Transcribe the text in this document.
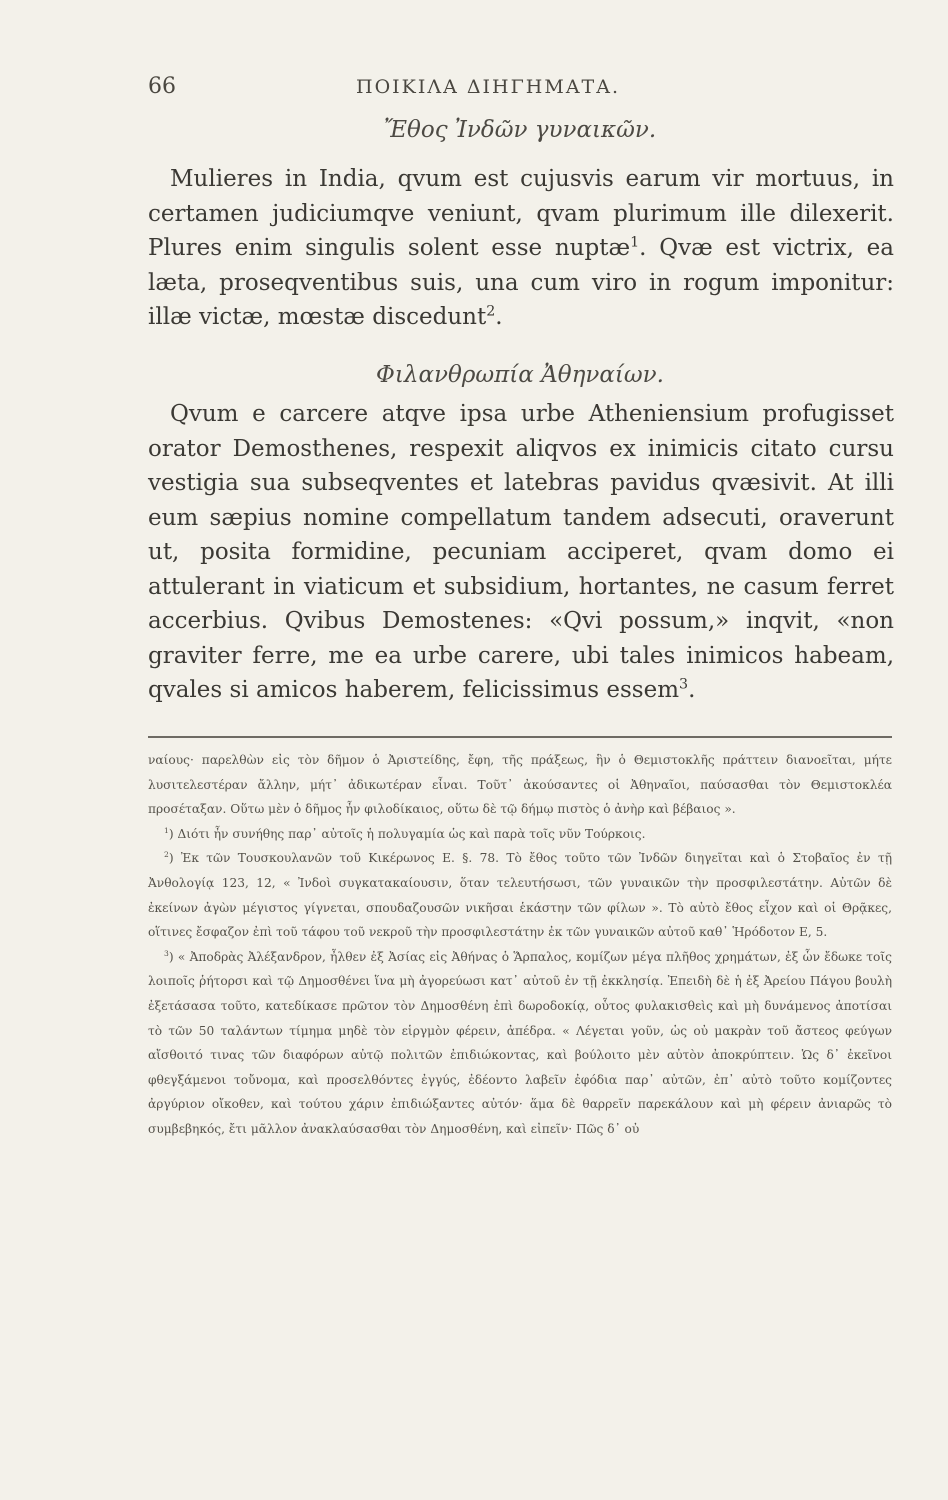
66	ΠΟΙΚΙΛΑ ΔΙΗΓΗΜΑΤΑ.
Ἔθος Ἰνδῶν γυναικῶν.
Mulieres in India, qvum est cujusvis earum vir mortuus, in certamen judiciumqve veniunt, qvam plurimum ille dilexerit. Plures enim singulis solent esse nuptæ$^1$. Qvæ est victrix, ea læta, proseqventibus suis, una cum viro in rogum imponitur: illæ victæ, mœstæ discedunt$^2$.
Φιλανθρωπία Ἀθηναίων.
Qvum e carcere atqve ipsa urbe Atheniensium profugisset orator Demosthenes, respexit aliqvos ex inimicis citato cursu vestigia sua subseqventes et latebras pavidus qvæsivit. At illi eum sæpius nomine compellatum tandem adsecuti, oraverunt ut, posita formidine, pecuniam acciperet, qvam domo ei attulerant in viaticum et subsidium, hortantes, ne casum ferret accerbius. Qvibus Demostenes: «Qvi possum,» inqvit, «non graviter ferre, me ea urbe carere, ubi tales inimicos habeam, qvales si amicos haberem, felicissimus essem$^3$.

ναίους· παρελθὼν εἰς τὸν δῆμον ὁ Ἀριστείδης, ἔφη, τῆς πράξεως, ἣν ὁ Θεμιστοκλῆς πράττειν διανοεῖται, μήτε λυσιτελεστέραν ἄλλην, μήτ᾽ ἀδικωτέραν εἶναι. Τοῦτ᾽ ἀκούσαντες οἱ Ἀθηναῖοι, παύσασθαι τὸν Θεμιστοκλέα προσέταξαν. Οὕτω μὲν ὁ δῆμος ἦν φιλοδίκαιος, οὕτω δὲ τῷ δήμῳ πιστὸς ὁ ἀνὴρ καὶ βέβαιος ».

$^1$) Διότι ἦν συνήθης παρ᾽ αὐτοῖς ἡ πολυγαμία ὡς καὶ παρὰ τοῖς νῦν Τούρκοις.

$^2$) Ἐκ τῶν Τουσκουλανῶν τοῦ Κικέρωνος Ε. §. 78. Τὸ ἔθος τοῦτο τῶν Ἰνδῶν διηγεῖται καὶ ὁ Στοβαῖος ἐν τῇ Ἀνθολογίᾳ 123, 12, « Ἰνδοὶ συγκατακαίουσιν, ὅταν τελευτήσωσι, τῶν γυναικῶν τὴν προσφιλεστάτην. Αὐτῶν δὲ ἐκείνων ἀγὼν μέγιστος γίγνεται, σπουδαζουσῶν νικῆσαι ἑκάστην τῶν φίλων ». Τὸ αὐτὸ ἔθος εἶχον καὶ οἱ Θρᾷκες, οἵτινες ἔσφαζον ἐπὶ τοῦ τάφου τοῦ νεκροῦ τὴν προσφιλεστάτην ἐκ τῶν γυναικῶν αὐτοῦ καθ᾽ Ἡρόδοτον Ε, 5.

$^3$) « Ἀποδρὰς Ἀλέξανδρον, ἦλθεν ἐξ Ἀσίας εἰς Ἀθήνας ὁ Ἅρπαλος, κομίζων μέγα πλῆθος χρημάτων, ἐξ ὧν ἔδωκε τοῖς λοιποῖς ῥήτορσι καὶ τῷ Δημοσθένει ἵνα μὴ ἀγορεύωσι κατ᾽ αὐτοῦ ἐν τῇ ἐκκλησίᾳ. Ἐπειδὴ δὲ ἡ ἐξ Ἀρείου Πάγου βουλὴ ἐξετάσασα τοῦτο, κατεδίκασε πρῶτον τὸν Δημοσθένη ἐπὶ δωροδοκίᾳ, οὗτος φυλακισθεὶς καὶ μὴ δυνάμενος ἀποτίσαι τὸ τῶν 50 ταλάντων τίμημα μηδὲ τὸν εἱργμὸν φέρειν, ἀπέδρα. « Λέγεται γοῦν, ὡς οὐ μακρὰν τοῦ ἄστεος φεύγων αἴσθοιτό τινας τῶν διαφόρων αὐτῷ πολιτῶν ἐπιδιώκοντας, καὶ βούλοιτο μὲν αὐτὸν ἀποκρύπτειν. Ὡς δ᾽ ἐκεῖνοι φθεγξάμενοι τοὔνομα, καὶ προσελθόντες ἐγγύς, ἐδέοντο λαβεῖν ἐφόδια παρ᾽ αὐτῶν, ἐπ᾽ αὐτὸ τοῦτο κομίζοντες ἀργύριον οἴκοθεν, καὶ τούτου χάριν ἐπιδιώξαντες αὐτόν· ἅμα δὲ θαρρεῖν παρεκάλουν καὶ μὴ φέρειν ἀνιαρῶς τὸ συμβεβηκός, ἔτι μᾶλλον ἀνακλαύσασθαι τὸν Δημοσθένη, καὶ εἰπεῖν· Πῶς δ᾽ οὐ
